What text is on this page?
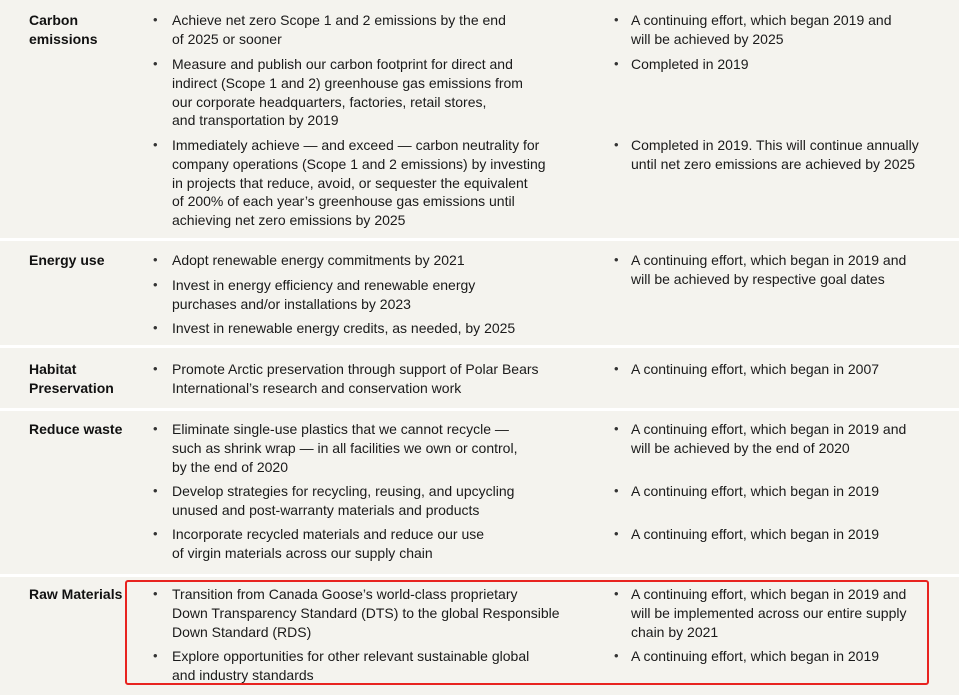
Carbon
emissions
• Achieve net zero Scope 1 and 2 emissions by the end
of 2025 or sooner
• Measure and publish our carbon footprint for direct and
indirect (Scope 1 and 2) greenhouse gas emissions from
our corporate headquarters, factories, retail stores,
and transportation by 2019
• Immediately achieve — and exceed — carbon neutrality for
company operations (Scope 1 and 2 emissions) by investing
in projects that reduce, avoid, or sequester the equivalent
of 200% of each year’s greenhouse gas emissions until
achieving net zero emissions by 2025
• A continuing effort, which began 2019 and
will be achieved by 2025
• Completed in 2019
• Completed in 2019. This will continue annually
until net zero emissions are achieved by 2025
Energy use	• Adopt renewable energy commitments by 2021
• Invest in energy efficiency and renewable energy
purchases and/or installations by 2023
• Invest in renewable energy credits, as needed, by 2025
• A continuing effort, which began in 2019 and
will be achieved by respective goal dates
Habitat
Preservation
• Promote Arctic preservation through support of Polar Bears
International’s research and conservation work
• A continuing effort, which began in 2007
Reduce waste • Eliminate single-use plastics that we cannot recycle —
such as shrink wrap — in all facilities we own or control,
by the end of 2020
• Develop strategies for recycling, reusing, and upcycling
unused and post-warranty materials and products
• Incorporate recycled materials and reduce our use
of virgin materials across our supply chain
• A continuing effort, which began in 2019 and
will be achieved by the end of 2020
• A continuing effort, which began in 2019
• A continuing effort, which began in 2019
Raw Materials • Transition from Canada Goose’s world-class proprietary
Down Transparency Standard (DTS) to the global Responsible
Down Standard (RDS)
• Explore opportunities for other relevant sustainable global
and industry standards
• A continuing effort, which began in 2019 and
will be implemented across our entire supply
chain by 2021
• A continuing effort, which began in 2019
